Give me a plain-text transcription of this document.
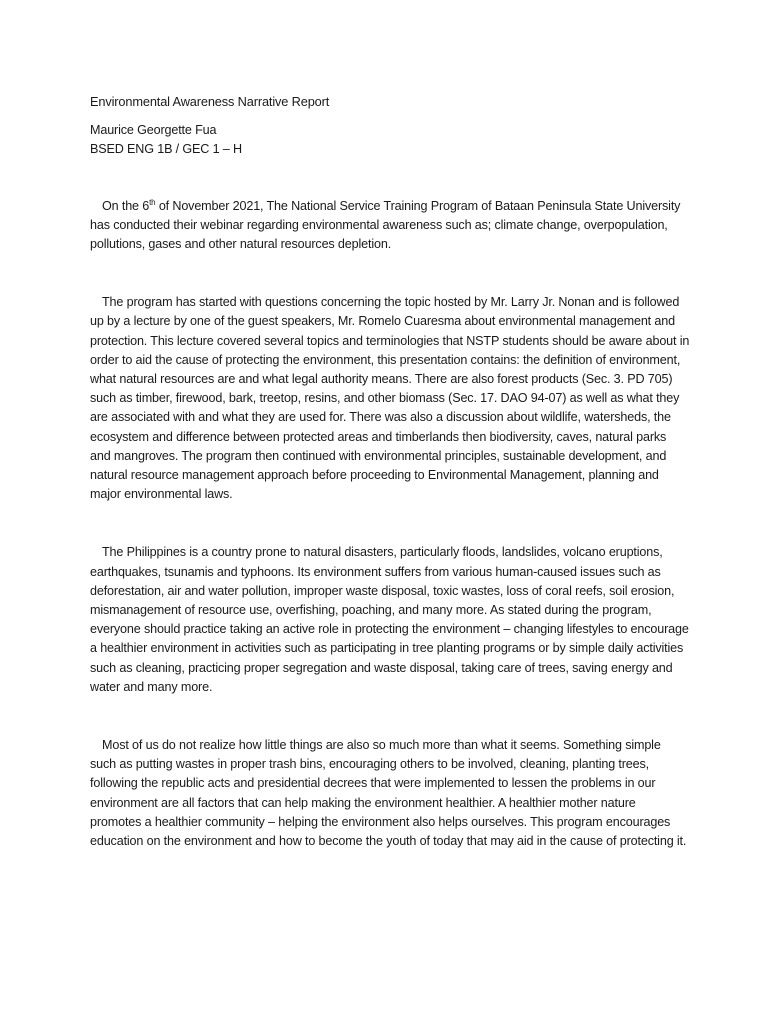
Environmental Awareness Narrative Report

Maurice Georgette Fua
BSED ENG 1B / GEC 1 – H

On the 6th of November 2021, The National Service Training Program of Bataan Peninsula State University has conducted their webinar regarding environmental awareness such as; climate change, overpopulation, pollutions, gases and other natural resources depletion.

The program has started with questions concerning the topic hosted by Mr. Larry Jr. Nonan and is followed up by a lecture by one of the guest speakers, Mr. Romelo Cuaresma about environmental management and protection. This lecture covered several topics and terminologies that NSTP students should be aware about in order to aid the cause of protecting the environment, this presentation contains: the definition of environment, what natural resources are and what legal authority means. There are also forest products (Sec. 3. PD 705) such as timber, firewood, bark, treetop, resins, and other biomass (Sec. 17. DAO 94-07) as well as what they are associated with and what they are used for. There was also a discussion about wildlife, watersheds, the ecosystem and difference between protected areas and timberlands then biodiversity, caves, natural parks and mangroves. The program then continued with environmental principles, sustainable development, and natural resource management approach before proceeding to Environmental Management, planning and major environmental laws.

The Philippines is a country prone to natural disasters, particularly floods, landslides, volcano eruptions, earthquakes, tsunamis and typhoons. Its environment suffers from various human-caused issues such as deforestation, air and water pollution, improper waste disposal, toxic wastes, loss of coral reefs, soil erosion, mismanagement of resource use, overfishing, poaching, and many more. As stated during the program, everyone should practice taking an active role in protecting the environment – changing lifestyles to encourage a healthier environment in activities such as participating in tree planting programs or by simple daily activities such as cleaning, practicing proper segregation and waste disposal, taking care of trees, saving energy and water and many more.

Most of us do not realize how little things are also so much more than what it seems. Something simple such as putting wastes in proper trash bins, encouraging others to be involved, cleaning, planting trees, following the republic acts and presidential decrees that were implemented to lessen the problems in our environment are all factors that can help making the environment healthier. A healthier mother nature promotes a healthier community – helping the environment also helps ourselves. This program encourages education on the environment and how to become the youth of today that may aid in the cause of protecting it.
